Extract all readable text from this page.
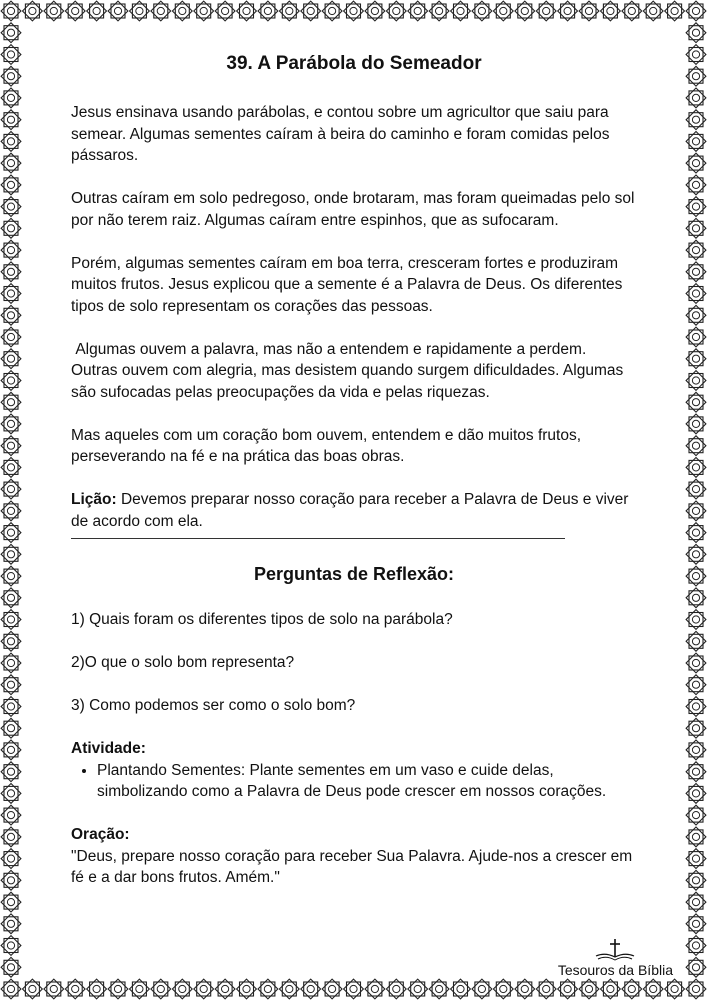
39. A Parábola do Semeador

Jesus ensinava usando parábolas, e contou sobre um agricultor que saiu para semear. Algumas sementes caíram à beira do caminho e foram comidas pelos pássaros.

Outras caíram em solo pedregoso, onde brotaram, mas foram queimadas pelo sol por não terem raiz. Algumas caíram entre espinhos, que as sufocaram.

Porém, algumas sementes caíram em boa terra, cresceram fortes e produziram muitos frutos. Jesus explicou que a semente é a Palavra de Deus. Os diferentes tipos de solo representam os corações das pessoas.

Algumas ouvem a palavra, mas não a entendem e rapidamente a perdem. Outras ouvem com alegria, mas desistem quando surgem dificuldades. Algumas são sufocadas pelas preocupações da vida e pelas riquezas.

Mas aqueles com um coração bom ouvem, entendem e dão muitos frutos, perseverando na fé e na prática das boas obras.

Lição: Devemos preparar nosso coração para receber a Palavra de Deus e viver de acordo com ela.
Perguntas de Reflexão:
1) Quais foram os diferentes tipos de solo na parábola?
2)O que o solo bom representa?
3) Como podemos ser como o solo bom?
Atividade:
• Plantando Sementes: Plante sementes em um vaso e cuide delas, simbolizando como a Palavra de Deus pode crescer em nossos corações.
Oração:
"Deus, prepare nosso coração para receber Sua Palavra. Ajude-nos a crescer em fé e a dar bons frutos. Amém."
Tesouros da Bíblia
